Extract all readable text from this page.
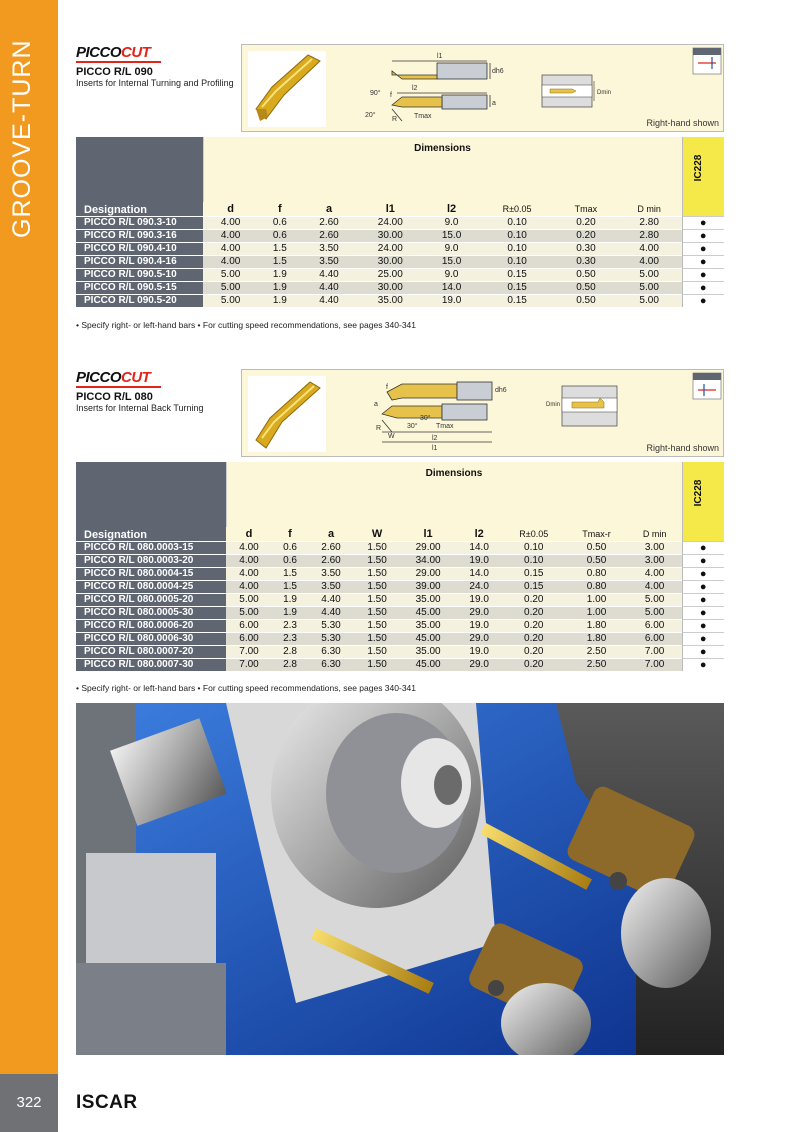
GROOVE-TURN
322	ISCAR
PICCOCUT
PICCO R/L 090
Inserts for Internal Turning and Profiling
l1
l2
dh6
a
90°
20°
f
R Tmax
Dmin
Right-hand shown
Designation	Dimensions								IC228

	d	f	a	l1	l2	R±0.05	Tmax	D min	
PICCO R/L 090.3-10	4.00	0.6	2.60	24.00	9.0	0.10	0.20	2.80	●
PICCO R/L 090.3-16	4.00	0.6	2.60	30.00	15.0	0.10	0.20	2.80	●
PICCO R/L 090.4-10	4.00	1.5	3.50	24.00	9.0	0.10	0.30	4.00	●
PICCO R/L 090.4-16	4.00	1.5	3.50	30.00	15.0	0.10	0.30	4.00	●
PICCO R/L 090.5-10	5.00	1.9	4.40	25.00	9.0	0.15	0.50	5.00	●
PICCO R/L 090.5-15	5.00	1.9	4.40	30.00	14.0	0.15	0.50	5.00	●
PICCO R/L 090.5-20	5.00	1.9	4.40	35.00	19.0	0.15	0.50	5.00	●
• Specify right- or left-hand bars • For cutting speed recommendations, see pages 340-341
PICCOCUT
PICCO R/L 080
Inserts for Internal Back Turning
f
a
dh6
Dmin
30°
30°
R
W
Tmax
l2
l1	Right-hand shown
Designation	Dimensions									IC228

	d	f	a	W	l1	l2	R±0.05	Tmax-r	D min	
PICCO R/L 080.0003-15	4.00	0.6	2.60	1.50	29.00	14.0	0.10	0.50	3.00	●
PICCO R/L 080.0003-20	4.00	0.6	2.60	1.50	34.00	19.0	0.10	0.50	3.00	●
PICCO R/L 080.0004-15	4.00	1.5	3.50	1.50	29.00	14.0	0.15	0.80	4.00	●
PICCO R/L 080.0004-25	4.00	1.5	3.50	1.50	39.00	24.0	0.15	0.80	4.00	●
PICCO R/L 080.0005-20	5.00	1.9	4.40	1.50	35.00	19.0	0.20	1.00	5.00	●
PICCO R/L 080.0005-30	5.00	1.9	4.40	1.50	45.00	29.0	0.20	1.00	5.00	●
PICCO R/L 080.0006-20	6.00	2.3	5.30	1.50	35.00	19.0	0.20	1.80	6.00	●
PICCO R/L 080.0006-30	6.00	2.3	5.30	1.50	45.00	29.0	0.20	1.80	6.00	●
PICCO R/L 080.0007-20	7.00	2.8	6.30	1.50	35.00	19.0	0.20	2.50	7.00	●
PICCO R/L 080.0007-30	7.00	2.8	6.30	1.50	45.00	29.0	0.20	2.50	7.00	●
• Specify right- or left-hand bars • For cutting speed recommendations, see pages 340-341
